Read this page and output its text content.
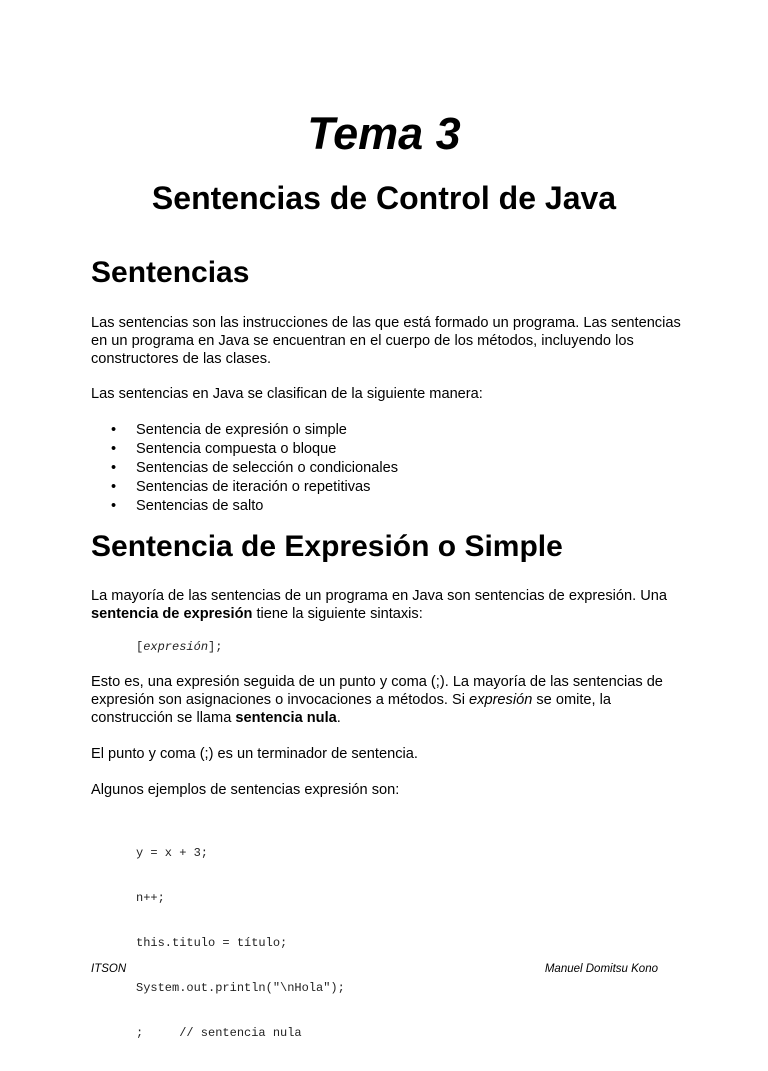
Tema 3
Sentencias de Control de Java
Sentencias

Las sentencias son las instrucciones de las que está formado un programa. Las sentencias en un programa en Java se encuentran en el cuerpo de los métodos, incluyendo los constructores de las clases.

Las sentencias en Java se clasifican de la siguiente manera:

• Sentencia de expresión o simple
• Sentencia compuesta o bloque
• Sentencias de selección o condicionales
• Sentencias de iteración o repetitivas
• Sentencias de salto
Sentencia de Expresión o Simple

La mayoría de las sentencias de un programa en Java son sentencias de expresión. Una sentencia de expresión tiene la siguiente sintaxis:

[expresión];

Esto es, una expresión seguida de un punto y coma (;). La mayoría de las sentencias de expresión son asignaciones o invocaciones a métodos. Si expresión se omite, la construcción se llama sentencia nula.

El punto y coma (;) es un terminador de sentencia.

Algunos ejemplos de sentencias expresión son:

y = x + 3;

n++;

this.titulo = título;

System.out.println("\nHola");

;     // sentencia nula

ITSON	Manuel Domitsu Kono
